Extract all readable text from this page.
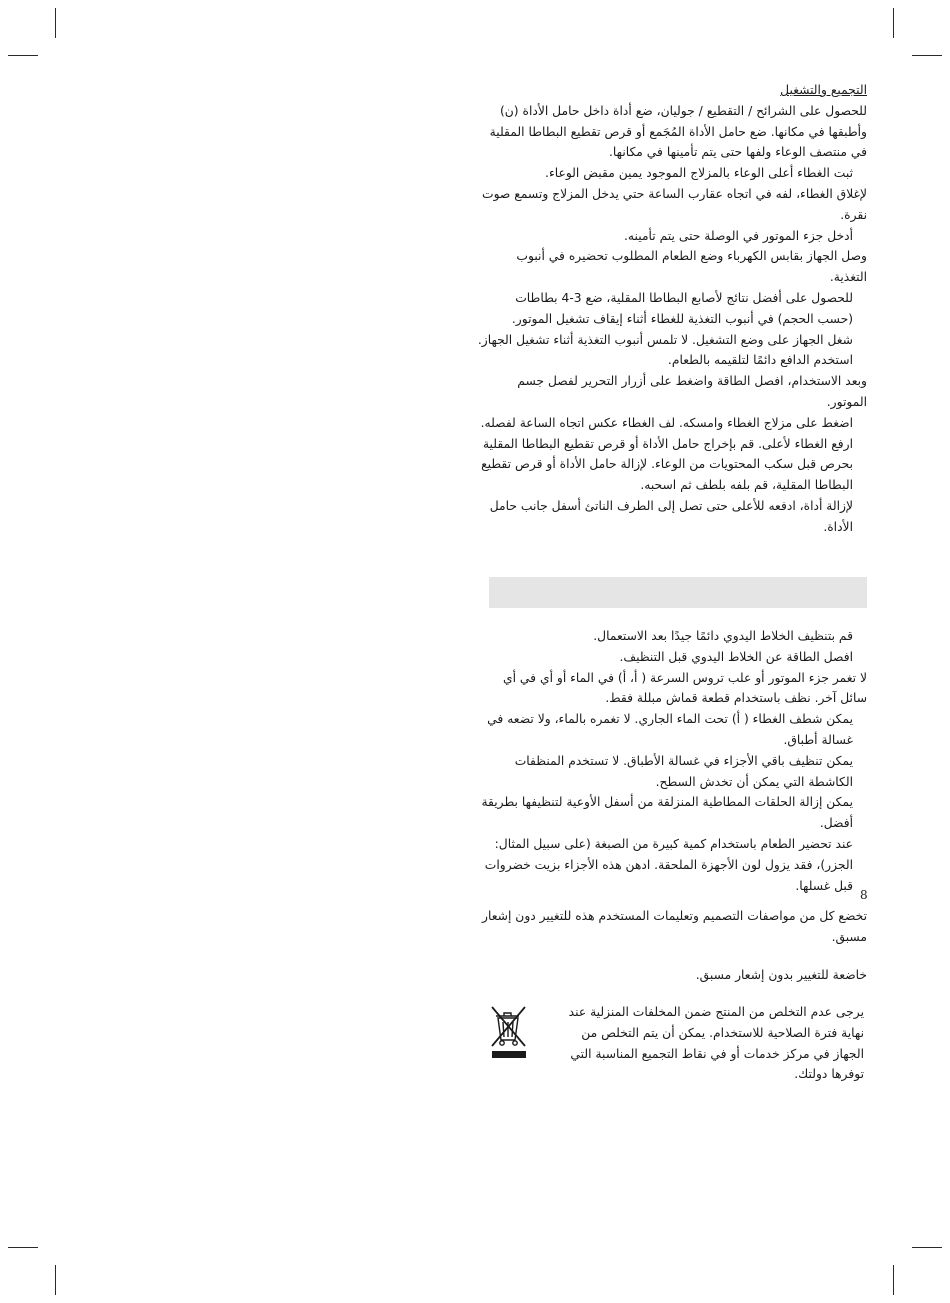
التجميع والتشغيل

للحصول على الشرائح / التقطيع / جوليان، ضع أداة داخل حامل الأداة (ن) وأطبقها في مكانها. ضع حامل الأداة المُجَمع أو قرص تقطيع البطاطا المقلية في منتصف الوعاء ولفها حتى يتم تأمينها في مكانها.

ثبت الغطاء أعلى الوعاء بالمزلاج الموجود يمين مقبض الوعاء.

لإغلاق الغطاء، لفه في اتجاه عقارب الساعة حتي يدخل المزلاج وتسمع صوت نقرة.

أدخل جزء الموتور في الوصلة حتى يتم تأمينه.

وصل الجهاز بقابس الكهرباء وضع الطعام المطلوب تحضيره في أنبوب التغذية.

للحصول على أفضل نتائج لأصابع البطاطا المقلية، ضع 3-4 بطاطات (حسب الحجم) في أنبوب التغذية للغطاء أثناء إيقاف تشغيل الموتور.

شغل الجهاز على وضع التشغيل. لا تلمس أنبوب التغذية أثناء تشغيل الجهاز. استخدم الدافع دائمًا لتلقيمه بالطعام.

وبعد الاستخدام، افصل الطاقة واضغط على أزرار التحرير لفصل جسم الموتور.

اضغط على مزلاج الغطاء وامسكه. لف الغطاء عكس اتجاه الساعة لفصله.

ارفع الغطاء لأعلى. قم بإخراج حامل الأداة أو قرص تقطيع البطاطا المقلية بحرص قبل سكب المحتويات من الوعاء. لإزالة حامل الأداة أو قرص تقطيع البطاطا المقلية، قم بلفه بلطف ثم اسحبه.

لإزالة أداة، ادفعه للأعلى حتى تصل إلى الطرف الناتئ أسفل جانب حامل الأداة.

قم بتنظيف الخلاط اليدوي دائمًا جيدًا بعد الاستعمال.

افصل الطاقة عن الخلاط اليدوي قبل التنظيف.

لا تغمر جزء الموتور أو علب تروس السرعة ( أ، أ) في الماء أو أي في أي سائل آخر. نظف باستخدام قطعة قماش مبللة فقط.

يمكن شطف الغطاء ( أ) تحت الماء الجاري. لا تغمره بالماء، ولا تضعه في غسالة أطباق.

يمكن تنظيف باقي الأجزاء في غسالة الأطباق. لا تستخدم المنظفات الكاشطة التي يمكن أن تخدش السطح.

يمكن إزالة الحلقات المطاطية المنزلقة من أسفل الأوعية لتنظيفها بطريقة أفضل.

عند تحضير الطعام باستخدام كمية كبيرة من الصبغة (على سبيل المثال: الجزر)، فقد يزول لون الأجهزة الملحقة. ادهن هذه الأجزاء بزيت خضروات قبل غسلها.

8

تخضع كل من مواصفات التصميم وتعليمات المستخدم هذه للتغيير دون إشعار مسبق.

خاضعة للتغيير بدون إشعار مسبق.

يرجى عدم التخلص من المنتج ضمن المخلفات المنزلية عند نهاية فترة الصلاحية للاستخدام. يمكن أن يتم التخلص من الجهاز في مركز خدمات أو في نقاط التجميع المناسبة التي توفرها دولتك.
